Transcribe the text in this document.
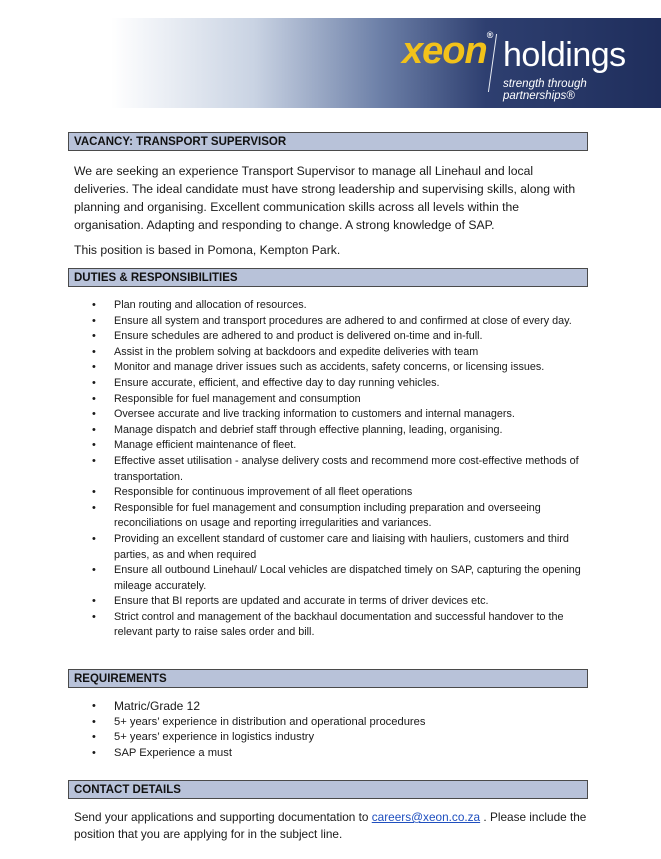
xeon®
holdings
strength through partnerships®
VACANCY: TRANSPORT SUPERVISOR
We are seeking an experience Transport Supervisor to manage all Linehaul and local
deliveries. The ideal candidate must have strong leadership and supervising skills, along with
planning and organising. Excellent communication skills across all levels within the
organisation. Adapting and responding to change. A strong knowledge of SAP.
This position is based in Pomona, Kempton Park.
DUTIES & RESPONSIBILITIES
• Plan routing and allocation of resources.
• Ensure all system and transport procedures are adhered to and confirmed at close of every day.
• Ensure schedules are adhered to and product is delivered on-time and in-full.
• Assist in the problem solving at backdoors and expedite deliveries with team
• Monitor and manage driver issues such as accidents, safety concerns, or licensing issues.
• Ensure accurate, efficient, and effective day to day running vehicles.
• Responsible for fuel management and consumption
• Oversee accurate and live tracking information to customers and internal managers.
• Manage dispatch and debrief staff through effective planning, leading, organising.
• Manage efficient maintenance of fleet.
• Effective asset utilisation - analyse delivery costs and recommend more cost-effective methods of transportation.
• Responsible for continuous improvement of all fleet operations
• Responsible for fuel management and consumption including preparation and overseeing reconciliations on usage and reporting irregularities and variances.
• Providing an excellent standard of customer care and liaising with hauliers, customers and third parties, as and when required
• Ensure all outbound Linehaul/ Local vehicles are dispatched timely on SAP, capturing the opening mileage accurately.
• Ensure that BI reports are updated and accurate in terms of driver devices etc.
• Strict control and management of the backhaul documentation and successful handover to the relevant party to raise sales order and bill.
REQUIREMENTS
• Matric/Grade 12
• 5+ years’ experience in distribution and operational procedures
• 5+ years’ experience in logistics industry
• SAP Experience a must
CONTACT DETAILS
Send your applications and supporting documentation to careers@xeon.co.za . Please include the position that you are applying for in the subject line.
